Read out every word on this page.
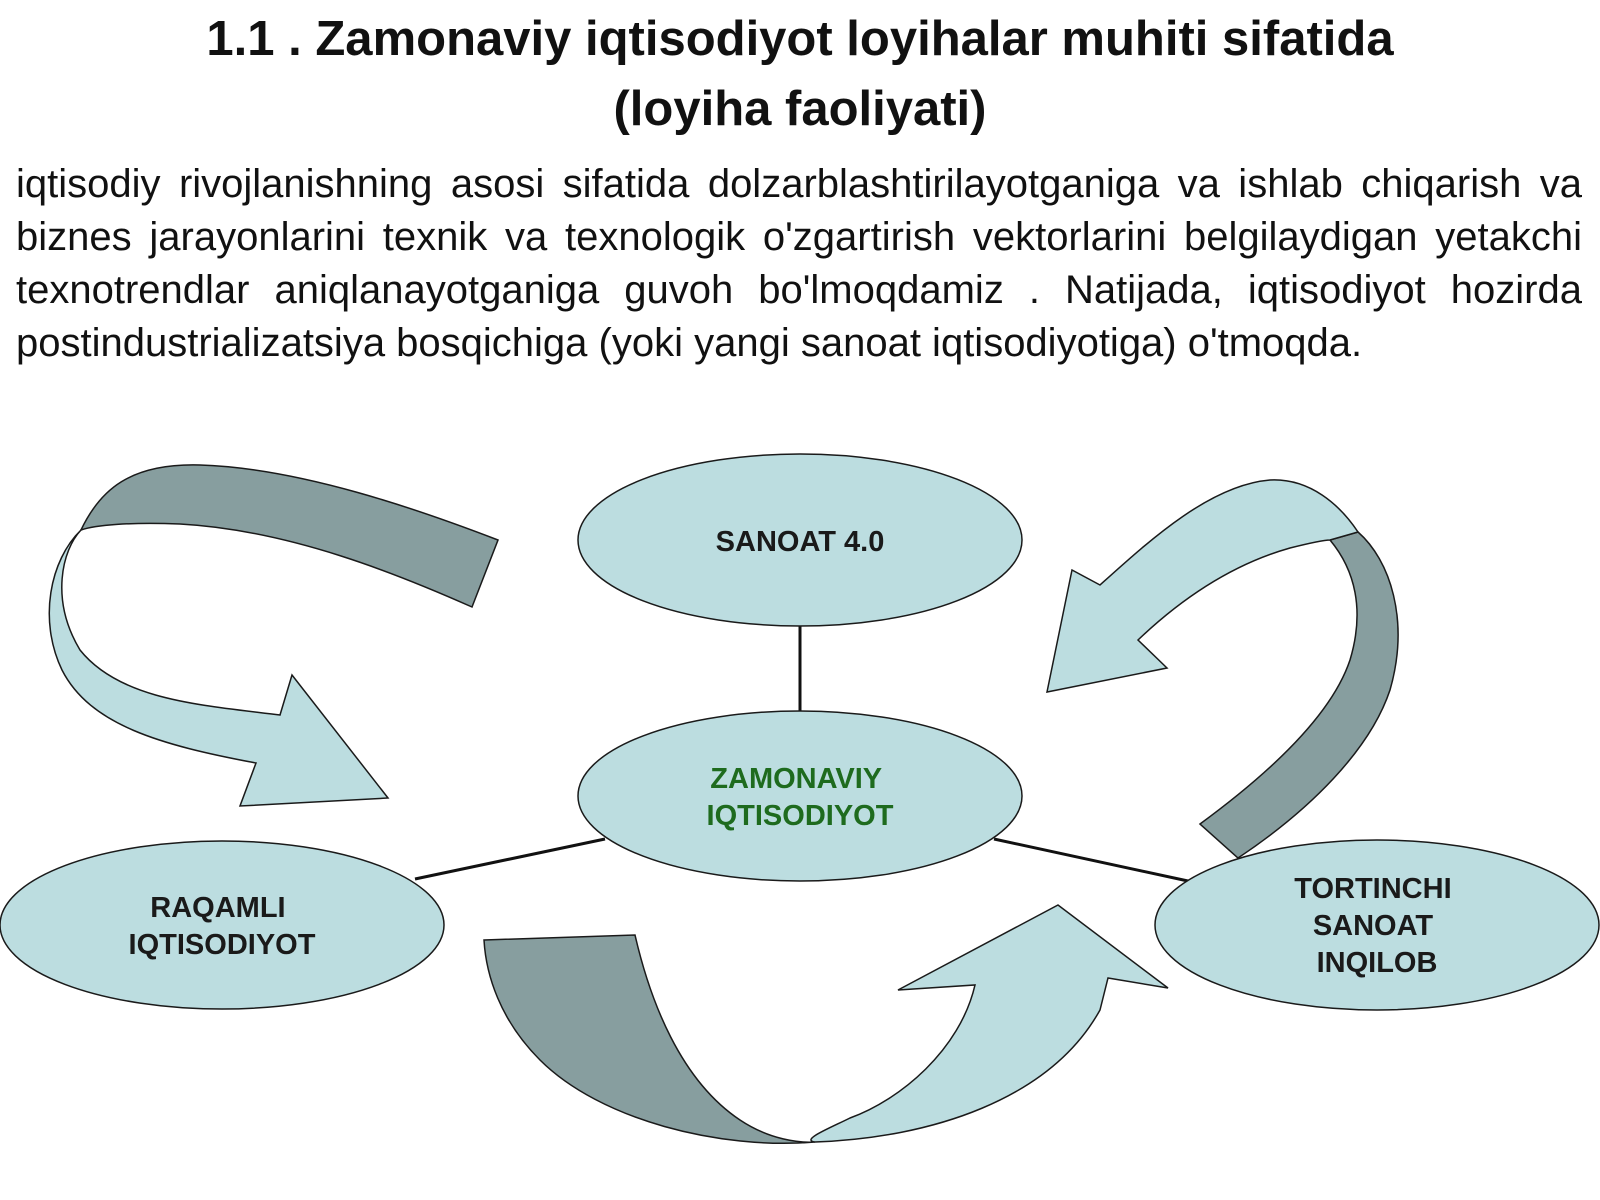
1.1 . Zamonaviy iqtisodiyot loyihalar muhiti sifatida
(loyiha faoliyati)

iqtisodiy rivojlanishning asosi sifatida dolzarblashtirilayotganiga va ishlab chiqarish va biznes jarayonlarini texnik va texnologik o'zgartirish vektorlarini belgilaydigan yetakchi texnotrendlar aniqlanayotganiga guvoh bo'lmoqdamiz . Natijada, iqtisodiyot hozirda postindustrializatsiya bosqichiga (yoki yangi sanoat iqtisodiyotiga) o'tmoqda.

SANOAT 4.0
ZAMONAVIY IQTISODIYOT
RAQAMLI IQTISODIYOT
TORTINCHI SANOAT INQILOB
